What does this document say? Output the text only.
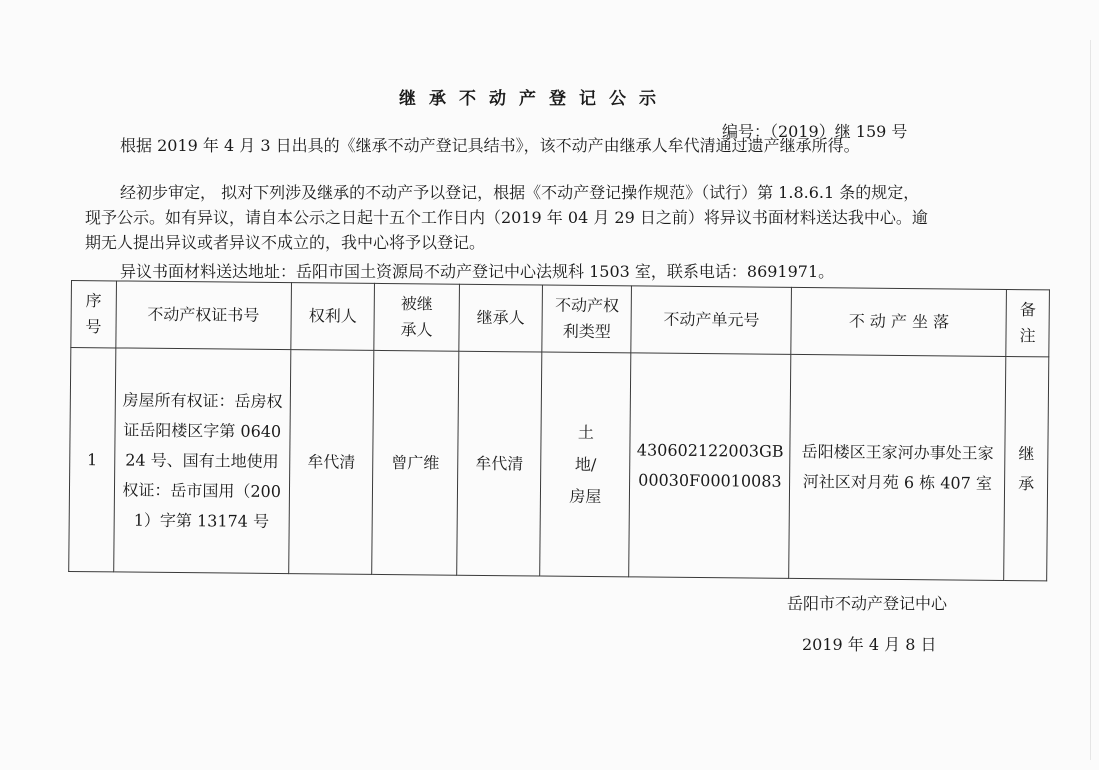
继承不动产登记公示
编号：（2019）继 159 号
根据 2019 年 4 月 3 日出具的《继承不动产登记具结书》，该不动产由继承人牟代清通过遗产继承所得。
经初步审定， 拟对下列涉及继承的不动产予以登记，根据《不动产登记操作规范》（试行）第 1.8.6.1 条的规定，
现予公示。如有异议，请自本公示之日起十五个工作日内（2019 年 04 月 29 日之前）将异议书面材料送达我中心。逾
期无人提出异议或者异议不成立的，我中心将予以登记。
异议书面材料送达地址：岳阳市国土资源局不动产登记中心法规科 1503 室，联系电话：8691971。
序号	不动产权证书号	权利人	被继承人	继承人	不动产权利类型	不动产单元号	不 动 产 坐 落	备注
1	房屋所有权证：岳房权证岳阳楼区字第 064024 号、国有土地使用权证：岳市国用（2001）字第 13174 号	牟代清	曾广维	牟代清	土地/房屋	430602122003GB00030F00010083	岳阳楼区王家河办事处王家河社区对月苑 6 栋 407 室	继承
岳阳市不动产登记中心
2019 年 4 月 8 日
